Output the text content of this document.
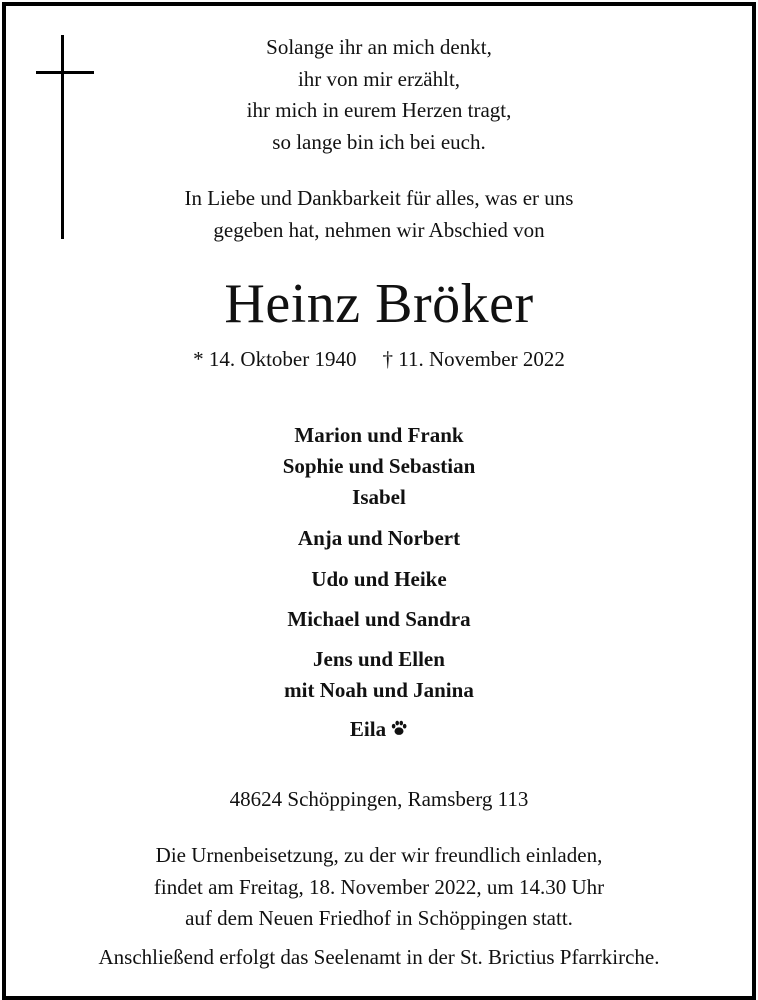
Solange ihr an mich denkt,
ihr von mir erzählt,
ihr mich in eurem Herzen tragt,
so lange bin ich bei euch.
In Liebe und Dankbarkeit für alles, was er uns
gegeben hat, nehmen wir Abschied von
Heinz Bröker
* 14. Oktober 1940 † 11. November 2022
Marion und Frank
Sophie und Sebastian
Isabel
Anja und Norbert
Udo und Heike
Michael und Sandra
Jens und Ellen
mit Noah und Janina
Eila
48624 Schöppingen, Ramsberg 113
Die Urnenbeisetzung, zu der wir freundlich einladen,
findet am Freitag, 18. November 2022, um 14.30 Uhr
auf dem Neuen Friedhof in Schöppingen statt.
Anschließend erfolgt das Seelenamt in der St. Brictius Pfarrkirche.
